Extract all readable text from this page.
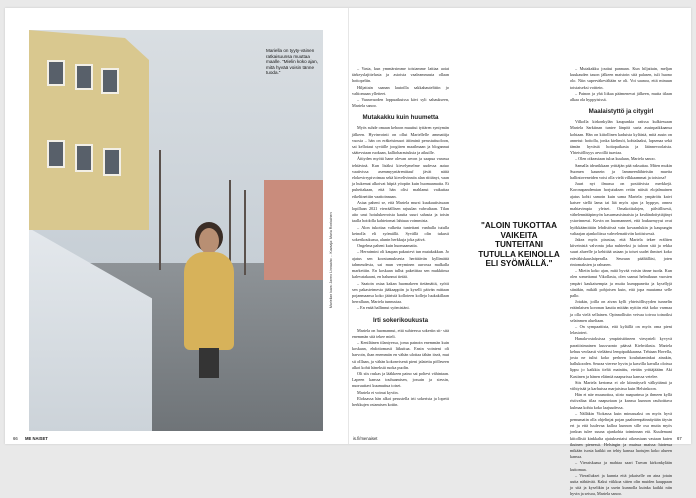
Mariella on tyyty-väinen ratkaisuunsa muuttaa maalle. "Mielin koko ajan, mitä hyvää voisin tänne tuoda."
Mariellan kuva: Jarmo Linnaaho ... Kuvaaja: Maria Ronkainen

– Vasta, kun ymmärsimme toisiamme lattiaa aoiat tärkeyslajittelusta ja asioista vaaleammasta ollaan hoitopeliin.

Hiljattain saanan lautoilla sakkahautelttiin jo valtiomaan ylletteet.

– Vaaravuoden loppuaikuissa kävi syli sahaukseen, Mariela sanoo.

Mutakakku kuin huumetta

Myös suhde omaan kehoon muuttui tyttären syntymän jälkeen. Hyvinvointi on ollut Mariellelle ammattija vuosia – hän on eräkeisinsuot äiiiminä perustuttuoloon, sai kellotaut syväille joogiiren maailmaan ja blogannut säätevstaan ruokaan, kallioharastuksia ja aikuille.

Äitiyden myötä hane olevan arvon ja saapua varassa tehtävinä. Kun lisäksi kirvelymelme uudessa autuo vaativissa asemmyyntärentitauf jävät näitä elokevirrypivoimaa sekä kirvelivinnöa alan riittänyt, vaan ja hukemat alkoivat hiipiä yöopiin kuin huomaamatta. Et puheitakaan, että hän olisi mahlanut vaikuttaa eikeliinettiin vaattoinnaan.

Asiaa paheni se, että Mariela mursi kuukautisissaan lopillaan 2021 vierräällisen rajuulan vahvaltaan. Tilan aito urut hoiulukerroista kautta suuri sahasta ja toisin taalla hoidolla kahteiomat lahtuaa voimmista.

– Alon tukottaa valkeita tunteitani vanhalla tutulla keinolla eli syömällä. Syvällä olin tukusti sokerikoukussa, alunin herkkuja joka päivä.

Ongelma paheni kuin huomaamatta.

– Herraimini oli kaupan pakastevi tun mutakakkun. Jo ajatus sen koostumuksesta herättävän kyllimättä tahmeudesta, sai mun veryminen auvossa malkalla markettiin. En koskaan tullut paketittaa sen mukkiinsa kalevatakaani, en halunnut tietää.

– Saatoin ostaa kakan huomakeen tietämättä, syötti sen pakasteimesta jääkaappiin ja kyselli päivän mittaan pojanmaansa koko jääristä kolloteen kolleja luukakillaan herrallaan, Mariela tunnustaa.

– En enää hallinnut syömistäni.

Irti sokerikoukusta

Mariela on huomannut, että suhteessa sokeriin sit- sitä enemmän sitä tekee mieli.

– Keniläinen tilantyessa, joma painoin enemmän kuin koskaan, ehdottomasti liikuttua. Ensin vointeni oli harvoin, ihan enemmän en vähän ulottaa tähän itseä, mut sii olllaan, ja vähän kokonvisenä pieni jalatettu pölleseen alkoi kohti häneksiä ruoka puolin.

Oli siis raskas ja lääkkeen paino sai poltevi vähintaan. Lapeen kanssa touhuamisen, jossain ja siessin, nuoruuttavi kuumuttua toiset.

Mariela ei voinut kyviin.

Eloksassa hän alkoi pesustella irti sokerista ja lopetti herkkujen ostamisen kotiin.

– Mutakakku jouttui pannaan. Kun hiljattain, meljan kuukauden tauon jälkeen maistoin sitä palasen, tuli huono olo. Niin superväkevältään se oli. Voi saanoa, että minuun toistaiseksi voittein.

– Painon ja yhä liikaa päämenevat jälkeen, mutta tilaan alkaa ola hyppyisissä.

Maalaistyttö ja citygirl

Vilkolla kirkonkylän kaupunkia ratissa kulkiessaan Mariela Sarkiinan tuntee länpöä suria asuinpaikkaansa kohtaan. Hän on kiitollinen kaduista kyläistä, mitä asuin on annetut: hoitolla, jonka kielimöi, kohtalaaksi, lapsenaa sekä tämän hyvästä hoitopaikasta ja läännevoolaista. Yhteisöllisyys arvoillä tuaviaa.

– Olen oikeastaan tuloa kuulaan, Mariela sanoo.

Samalla idearikkaan yrittäjän pää raksuttaa. Miten mukin Suomen kaunein ja lammeenlähteisiin mueita hallintoveneiden voisi olla vielä vilkkaammat ja toistosa?

Juuri nyt ilmassa on positiivista merkkejä. Koronapandemian horjutuksen reitin näistä elojalmainen ajatus kohti samoin kuin sama Mariela: ympäröäs katvi katsee siellä lama tai lää myös ajan ja hyppyn, onnea mahtavimpia yleiset. Omakotitalojen, pälvällisesti, vähelennätäpimyön kasurmasisinaisia ja keuländoityttäjänyt ystavinnessi. Kovin on huomanneet, että loukurmyyut ovat hyökkäämittäin lehdistössä vain kovaanlukin ja kaupungin valtaajan ajankoliissa vahvelenatiiviin kotiisisessä.

Jakea myös pirastaa, että Mariela tekee eräliten kiiveinistä valvonta joka nuhteeksi ja taloon sitä ja rekka suuri alueelle ja kehittää usiaan ja toiset uudet ihmiset koko eräväkiskauslaiperalla. Seuraan päältälläsi, joten rintomaksien ja rahunen.

– Mietin koko ajan, mitä hyvää voisin tänne tuoda. Kun olen somettanut Vikollasta, olen saanut helmikuun vuosien ympäri kaukaisempia ja muita kumppaneita ja kysellyjä siinäkin, mikäli pohjoisen kuin, että jopa muutama selle pallo.

Jotakin, joilla on aivan kylli yhteisöllisyyden tunnelin eräänlaisen koronan kautta mitään nyttiin että koko varmaa ja olla vielä sellainen. Opinnollisiin veivaa toivoa toinoiksi selainmen alueltaan.

– On sympaattista, että kyläillä on myös oma pieni lelastoteri.

Hanala-ostoksissa ympäristöineen viesynteli kyvyvä paratiisimainen kuuvuonto päässä Kiehvälasta. Mariela kehuu veolaasti vieläänsi lempipaikkaansa. Tehtaan Hovella, josta ne tulist koko perheen kouluttaminkut ainakin, hallukooden. Seuraa vierese hyvin ja kasvilla kavulla oloissa lippu jo kaikkia tieltä mainittu, eteään yrittäjäääm Aki Kastinen ja hänen eläimiä naapurissa kanssa vetelee.

Siis Mariela kertoma ei ole kiinnityseli välkyttämä ja viihtyisää ja karhuissa marjaisissa kuin Helsinkoon.

Hän ei näe muunottoa, siirto naapurinsa ja ihmeen kyllä ristivaltaa tilaa naapuriaan ja kanssa kunnon rauhoittava kulmaa kohta koko laajuudessa.

– Nälläkin Viokassa kuin minusuaksi on myös hyvä pemumatin olla ohjelinjat pojan paahteenpäinnäytään täysin eri ja että luulevaa kalloa kunnon sille osa mutta myös jonkun tulee suuna ajankohta toiminnan etä. Kuulemani kiitollisiä kinkkalta ajatuksestaisi oikeastaan vastaan kuten ikuinen pienessä. Helsingin ja muissa maissa hiotessa mikään isosta kaikki on tehty kanssa luotujen koko alueen kanssa.

– Vieraiskaasa ja mahtaa saari Tarvan kirkonkylään kuttomaa.

– Vierailukset ja kunnia että jokaiselle on aina jotain uutta nähtävää. Kaksi viikkoa sitten olin muiden kauppaan jo sitä ja kyselikin ja usein kunnolla kuinka kaikki niin hyvin ja seisoa, Mariela sanoo.

"ALOIN TUKOTTAA VAIKEITA TUNTEITANI TUTULLA KEINOLLA ELI SYÖMÄLLÄ."
66 ME NAISET	is.fi/menaiset	67
